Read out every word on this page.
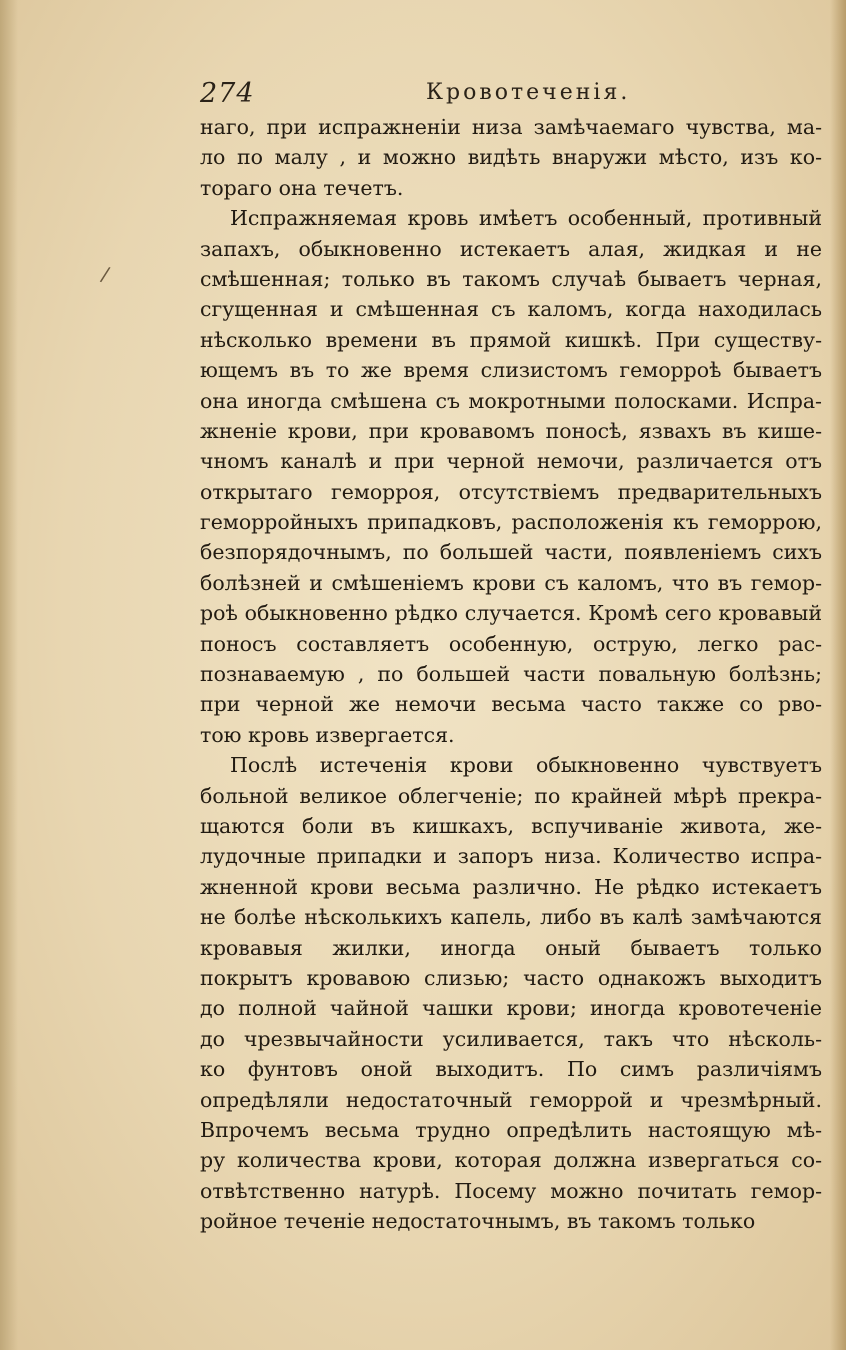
274	Кровотеченія.
/
наго, при испражненіи низа замѣчаемаго чувства, ма-
ло по малу , и можно видѣть внаружи мѣсто, изъ ко-
тораго она течетъ.
Испражняемая кровь имѣетъ особенный, противный
запахъ, обыкновенно истекаетъ алая, жидкая и не
смѣшенная; только въ такомъ случаѣ бываетъ черная,
сгущенная и смѣшенная съ каломъ, когда находилась
нѣсколько времени въ прямой кишкѣ. При существу-
ющемъ въ то же время слизистомъ геморроѣ бываетъ
она иногда смѣшена съ мокротными полосками. Испра-
жненіе крови, при кровавомъ поносѣ, язвахъ въ кише-
чномъ каналѣ и при черной немочи, различается отъ
открытаго геморроя, отсутствіемъ предварительныхъ
геморройныхъ припадковъ, расположенія къ геморрою,
безпорядочнымъ, по большей части, появленіемъ сихъ
болѣзней и смѣшеніемъ крови съ каломъ, что въ гемор-
роѣ обыкновенно рѣдко случается. Кромѣ сего кровавый
поносъ составляетъ особенную, острую, легко рас-
познаваемую , по большей части повальную болѣзнь;
при черной же немочи весьма часто также со рво-
тою кровь извергается.
Послѣ истеченія крови обыкновенно чувствуетъ
больной великое облегченіе; по крайней мѣрѣ прекра-
щаются боли въ кишкахъ, вспучиваніе живота, же-
лудочные припадки и запоръ низа. Количество испра-
жненной крови весьма различно. Не рѣдко истекаетъ
не болѣе нѣсколькихъ капель, либо въ калѣ замѣчаются
кровавыя жилки, иногда оный бываетъ только
покрытъ кровавою слизью; часто однакожъ выходитъ
до полной чайной чашки крови; иногда кровотеченіе
до чрезвычайности усиливается, такъ что нѣсколь-
ко фунтовъ оной выходитъ. По симъ различіямъ
опредѣляли недостаточный геморрой и чрезмѣрный.
Впрочемъ весьма трудно опредѣлить настоящую мѣ-
ру количества крови, которая должна извергаться со-
отвѣтственно натурѣ. Посему можно почитать гемор-
ройное теченіе недостаточнымъ, въ такомъ только
